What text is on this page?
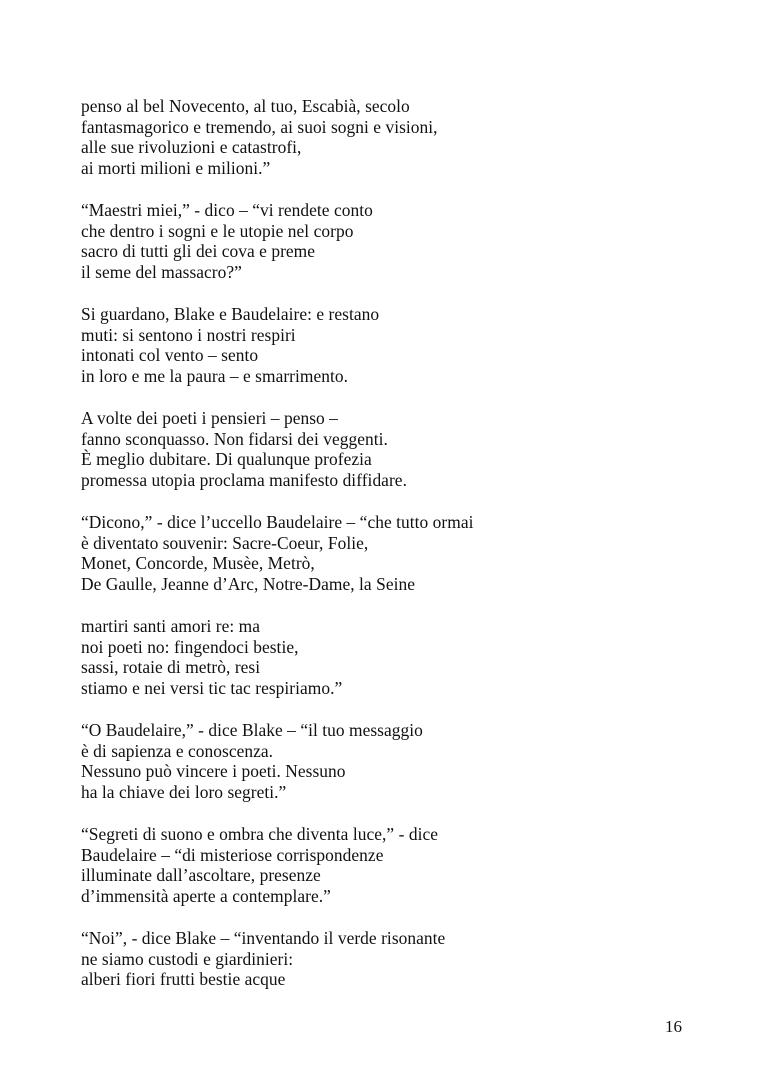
penso al bel Novecento, al tuo, Escabià, secolo
fantasmagorico e tremendo, ai suoi sogni e visioni,
alle sue rivoluzioni e catastrofi,
ai morti milioni e milioni.”
“Maestri miei,” - dico – “vi rendete conto
che dentro i sogni e le utopie nel corpo
sacro di tutti gli dei cova e preme
il seme del massacro?”
Si guardano, Blake e Baudelaire: e restano
muti: si sentono i nostri respiri
intonati col vento – sento
in loro e me la paura – e smarrimento.
A volte dei poeti i pensieri – penso –
fanno sconquasso. Non fidarsi dei veggenti.
È meglio dubitare. Di qualunque profezia
promessa utopia proclama manifesto diffidare.
“Dicono,” - dice l’uccello Baudelaire – “che tutto ormai
è diventato souvenir: Sacre-Coeur, Folie,
Monet, Concorde, Musèe, Metrò,
De Gaulle, Jeanne d’Arc, Notre-Dame, la Seine
martiri santi amori re: ma
noi poeti no: fingendoci bestie,
sassi, rotaie di metrò, resi
stiamo e nei versi tic tac respiriamo.”
“O Baudelaire,” - dice Blake – “il tuo messaggio
è di sapienza e conoscenza.
Nessuno può vincere i poeti. Nessuno
ha la chiave dei loro segreti.”
“Segreti di suono e ombra che diventa luce,” - dice
Baudelaire – “di misteriose corrispondenze
illuminate dall’ascoltare, presenze
d’immensità aperte a contemplare.”
“Noi”, - dice Blake – “inventando il verde risonante
ne siamo custodi e giardinieri:
alberi fiori frutti bestie acque
16
